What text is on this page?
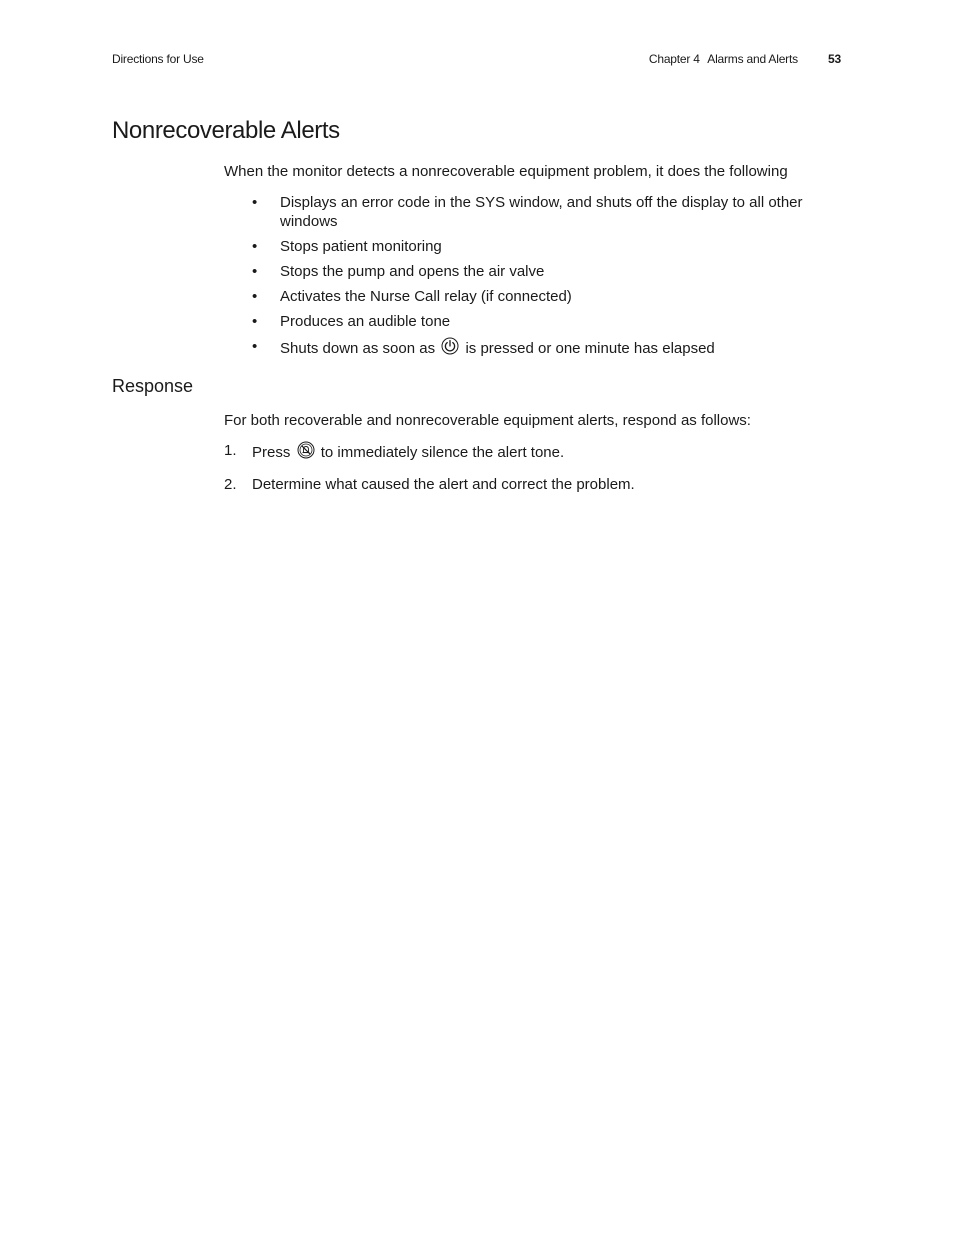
Directions for Use	Chapter 4 Alarms and Alerts	53
Nonrecoverable Alerts

When the monitor detects a nonrecoverable equipment problem, it does the following

• Displays an error code in the SYS window, and shuts off the display to all other windows
• Stops patient monitoring
• Stops the pump and opens the air valve
• Activates the Nurse Call relay (if connected)
• Produces an audible tone
• Shuts down as soon as is pressed or one minute has elapsed
Response

For both recoverable and nonrecoverable equipment alerts, respond as follows:

1. Press to immediately silence the alert tone.
2. Determine what caused the alert and correct the problem.
